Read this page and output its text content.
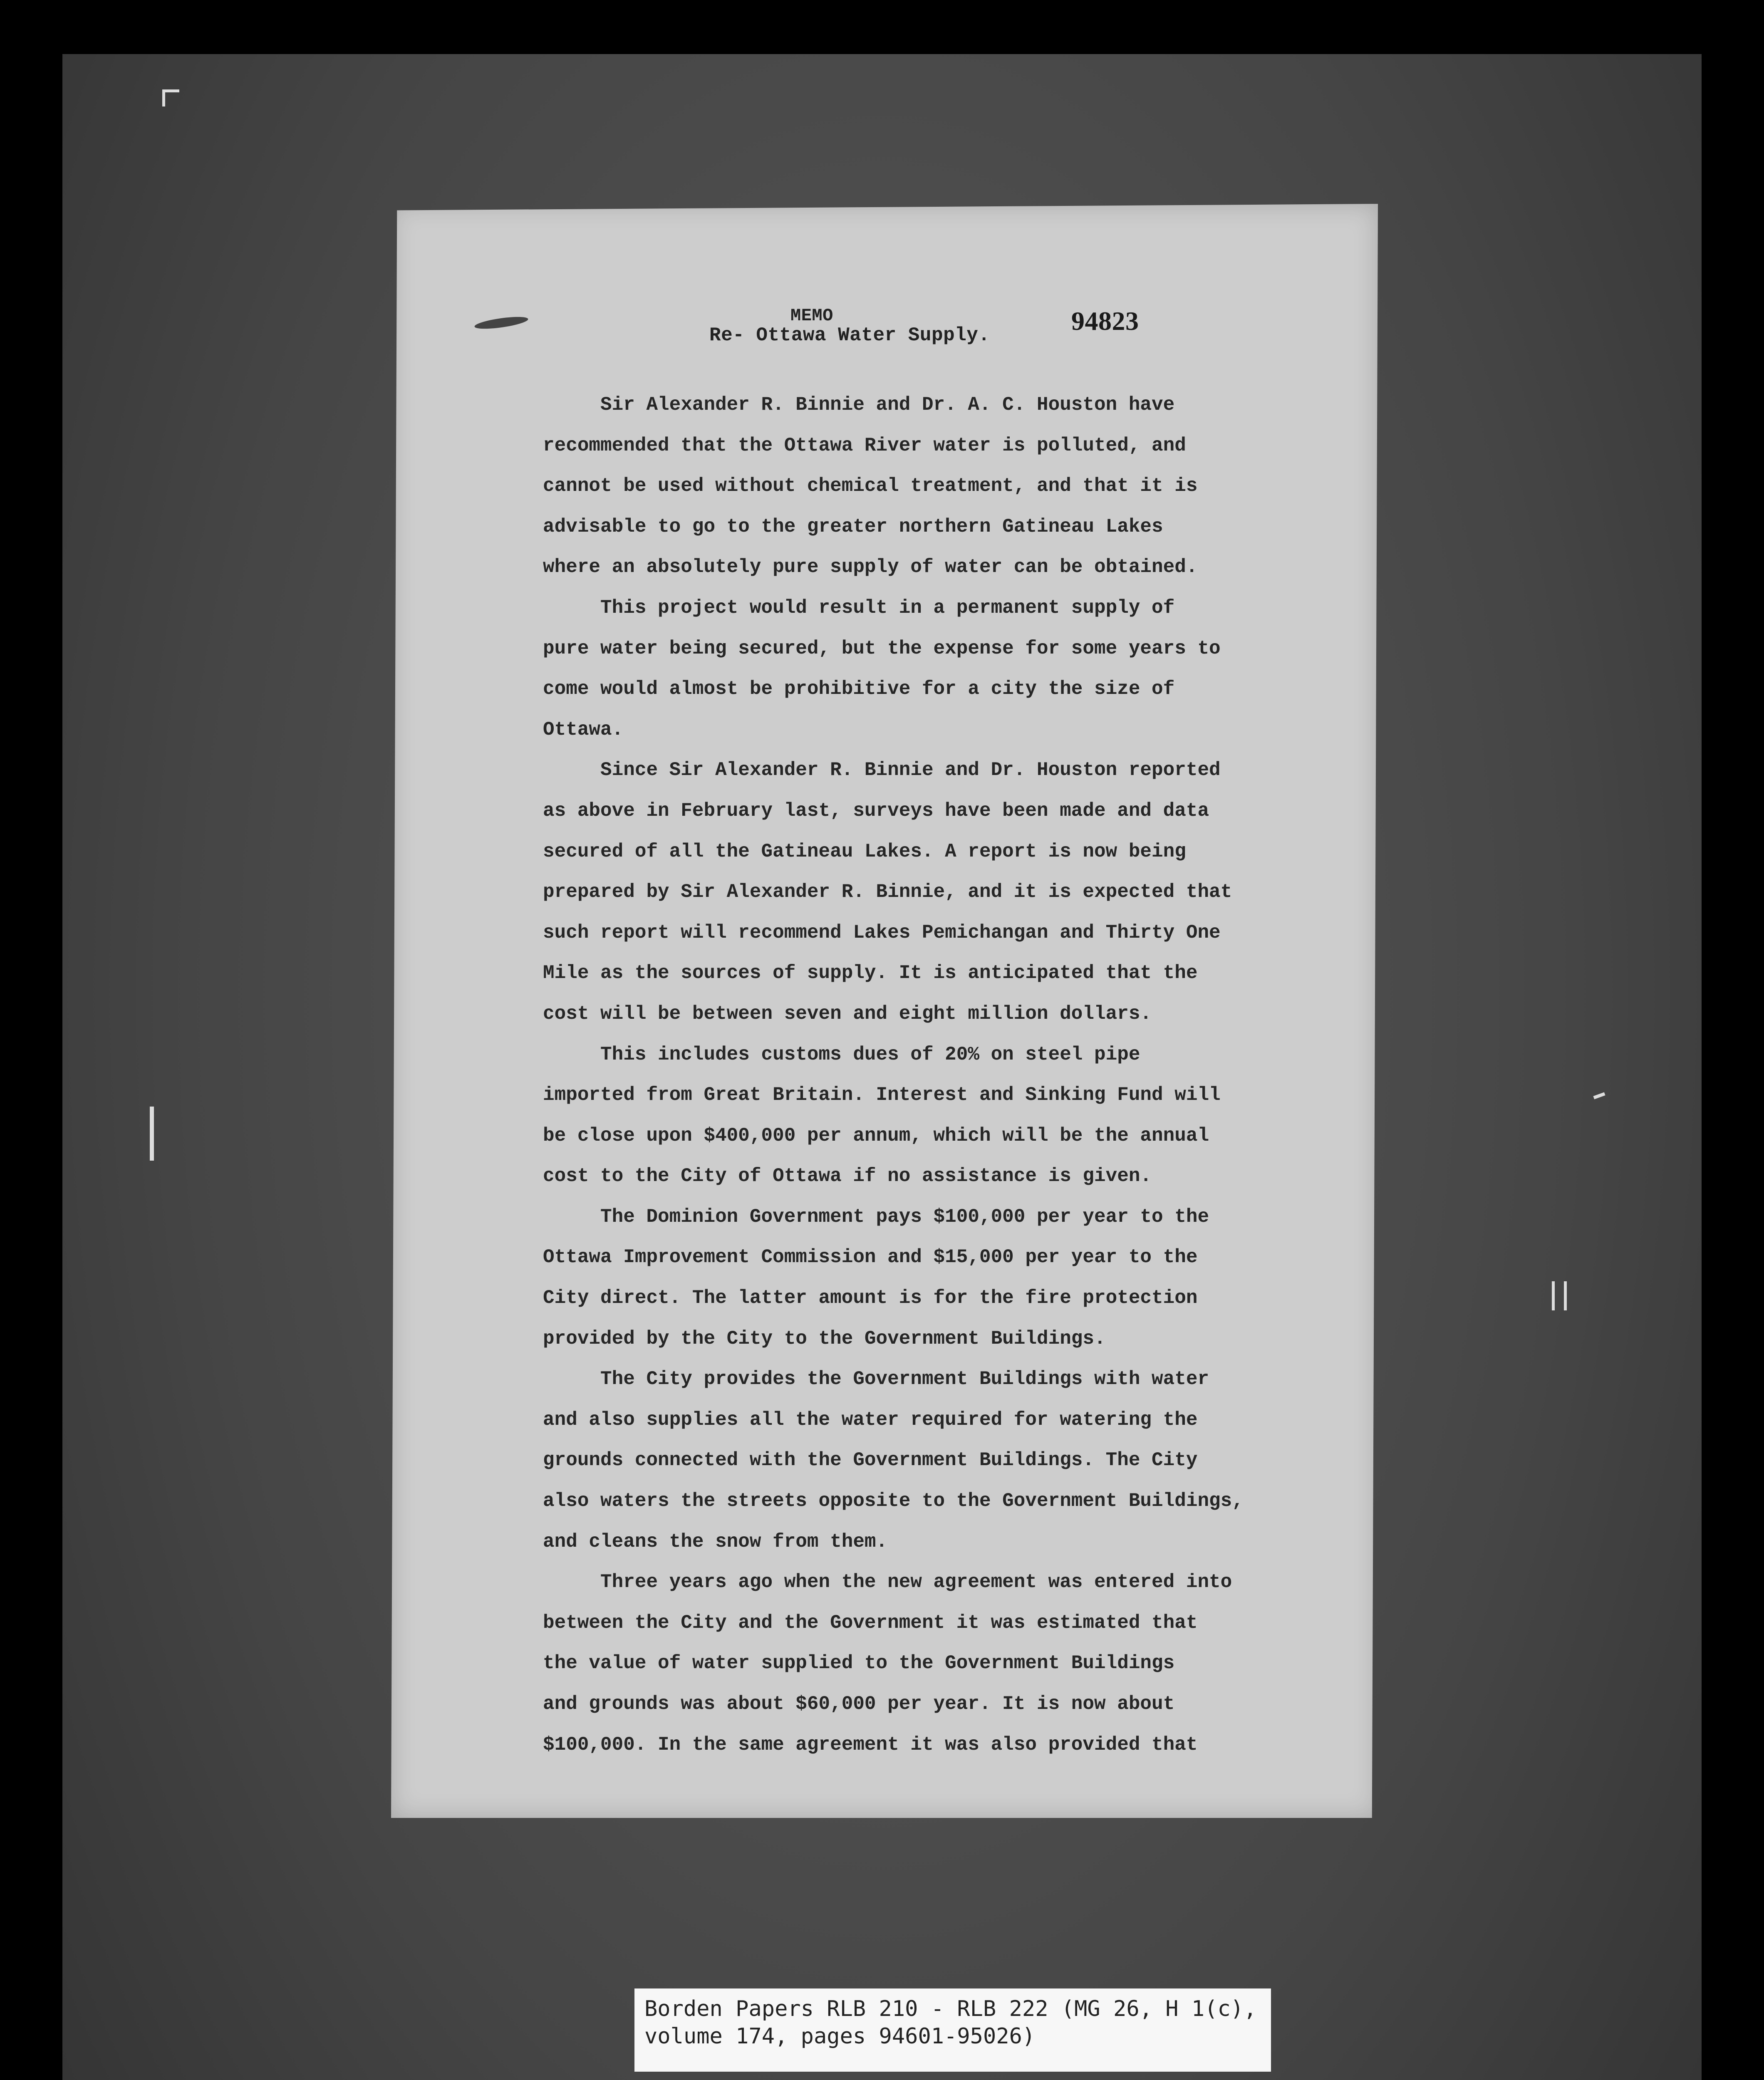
MEMO
Re- Ottawa Water Supply.	94823
Sir Alexander R. Binnie and Dr. A. C. Houston have
recommended that the Ottawa River water is polluted, and
cannot be used without chemical treatment, and that it is
advisable to go to the greater northern Gatineau Lakes
where an absolutely pure supply of water can be obtained.
This project would result in a permanent supply of
pure water being secured, but the expense for some years to
come would almost be prohibitive for a city the size of
Ottawa.
Since Sir Alexander R. Binnie and Dr. Houston reported
as above in February last, surveys have been made and data
secured of all the Gatineau Lakes. A report is now being
prepared by Sir Alexander R. Binnie, and it is expected that
such report will recommend Lakes Pemichangan and Thirty One
Mile as the sources of supply. It is anticipated that the
cost will be between seven and eight million dollars.
This includes customs dues of 20% on steel pipe
imported from Great Britain. Interest and Sinking Fund will
be close upon $400,000 per annum, which will be the annual
cost to the City of Ottawa if no assistance is given.
The Dominion Government pays $100,000 per year to the
Ottawa Improvement Commission and $15,000 per year to the
City direct. The latter amount is for the fire protection
provided by the City to the Government Buildings.
The City provides the Government Buildings with water
and also supplies all the water required for watering the
grounds connected with the Government Buildings. The City
also waters the streets opposite to the Government Buildings,
and cleans the snow from them.
Three years ago when the new agreement was entered into
between the City and the Government it was estimated that
the value of water supplied to the Government Buildings
and grounds was about $60,000 per year. It is now about
$100,000. In the same agreement it was also provided that
Borden Papers RLB 210 - RLB 222 (MG 26, H 1(c),
volume 174, pages 94601-95026)
